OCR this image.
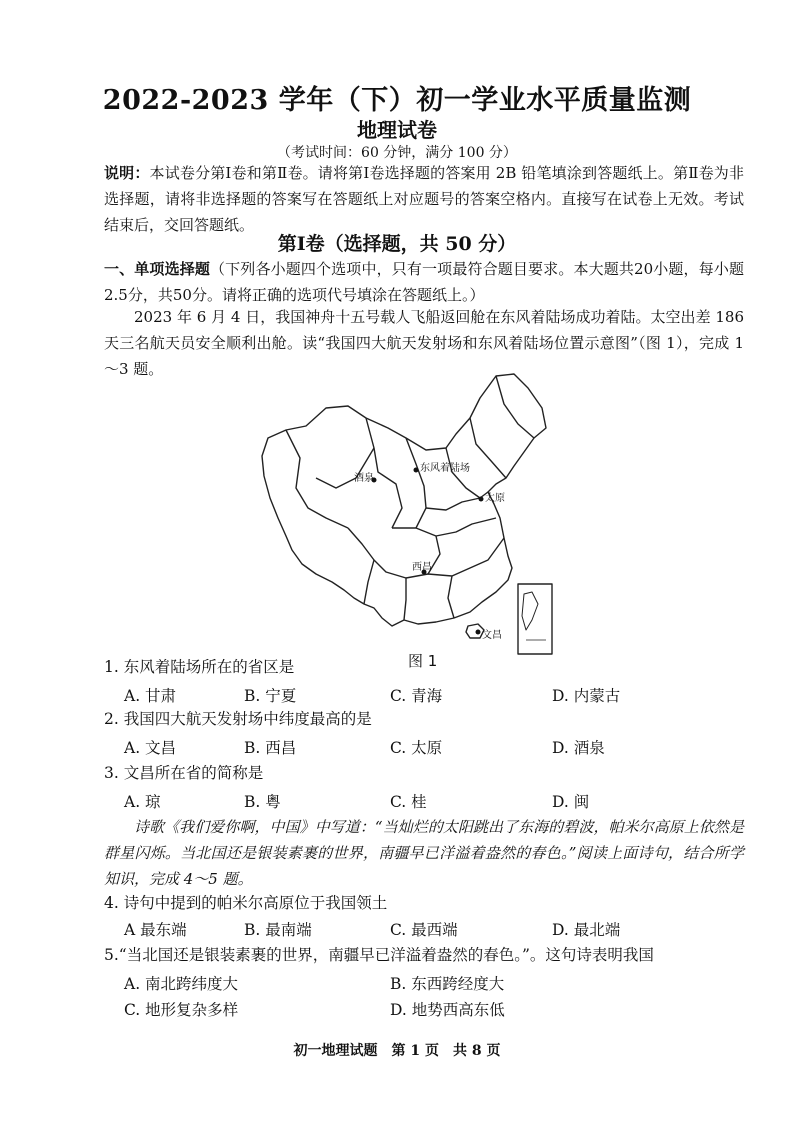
2022-2023 学年（下）初一学业水平质量监测
地理试卷
（考试时间：60 分钟，满分 100 分）
说明：本试卷分第Ⅰ卷和第Ⅱ卷。请将第Ⅰ卷选择题的答案用 2B 铅笔填涂到答题纸上。第Ⅱ卷为非选择题，请将非选择题的答案写在答题纸上对应题号的答案空格内。直接写在试卷上无效。考试结束后，交回答题纸。
第Ⅰ卷（选择题，共 50 分）
一、单项选择题（下列各小题四个选项中，只有一项最符合题目要求。本大题共20小题，每小题2.5分，共50分。请将正确的选项代号填涂在答题纸上。）
2023 年 6 月 4 日，我国神舟十五号载人飞船返回舱在东风着陆场成功着陆。太空出差 186 天三名航天员安全顺利出舱。读“我国四大航天发射场和东风着陆场位置示意图”（图 1），完成 1～3 题。
酒泉
东风着陆场
太原
西昌
文昌
图 1
1. 东风着陆场所在的省区是
A. 甘肃	B. 宁夏	C. 青海	D. 内蒙古
2. 我国四大航天发射场中纬度最高的是
A. 文昌	B. 西昌	C. 太原	D. 酒泉
3. 文昌所在省的简称是
A. 琼	B. 粤	C. 桂	D. 闽
诗歌《我们爱你啊，中国》中写道：“当灿烂的太阳跳出了东海的碧波，帕米尔高原上依然是群星闪烁。当北国还是银装素裹的世界，南疆早已洋溢着盎然的春色。”阅读上面诗句，结合所学知识，完成 4～5 题。
4. 诗句中提到的帕米尔高原位于我国领土
A 最东端	B. 最南端	C. 最西端	D. 最北端
5.“当北国还是银装素裹的世界，南疆早已洋溢着盎然的春色。”。这句诗表明我国
A. 南北跨纬度大	B. 东西跨经度大
C. 地形复杂多样	D. 地势西高东低
初一地理试题　第 1 页　共 8 页
